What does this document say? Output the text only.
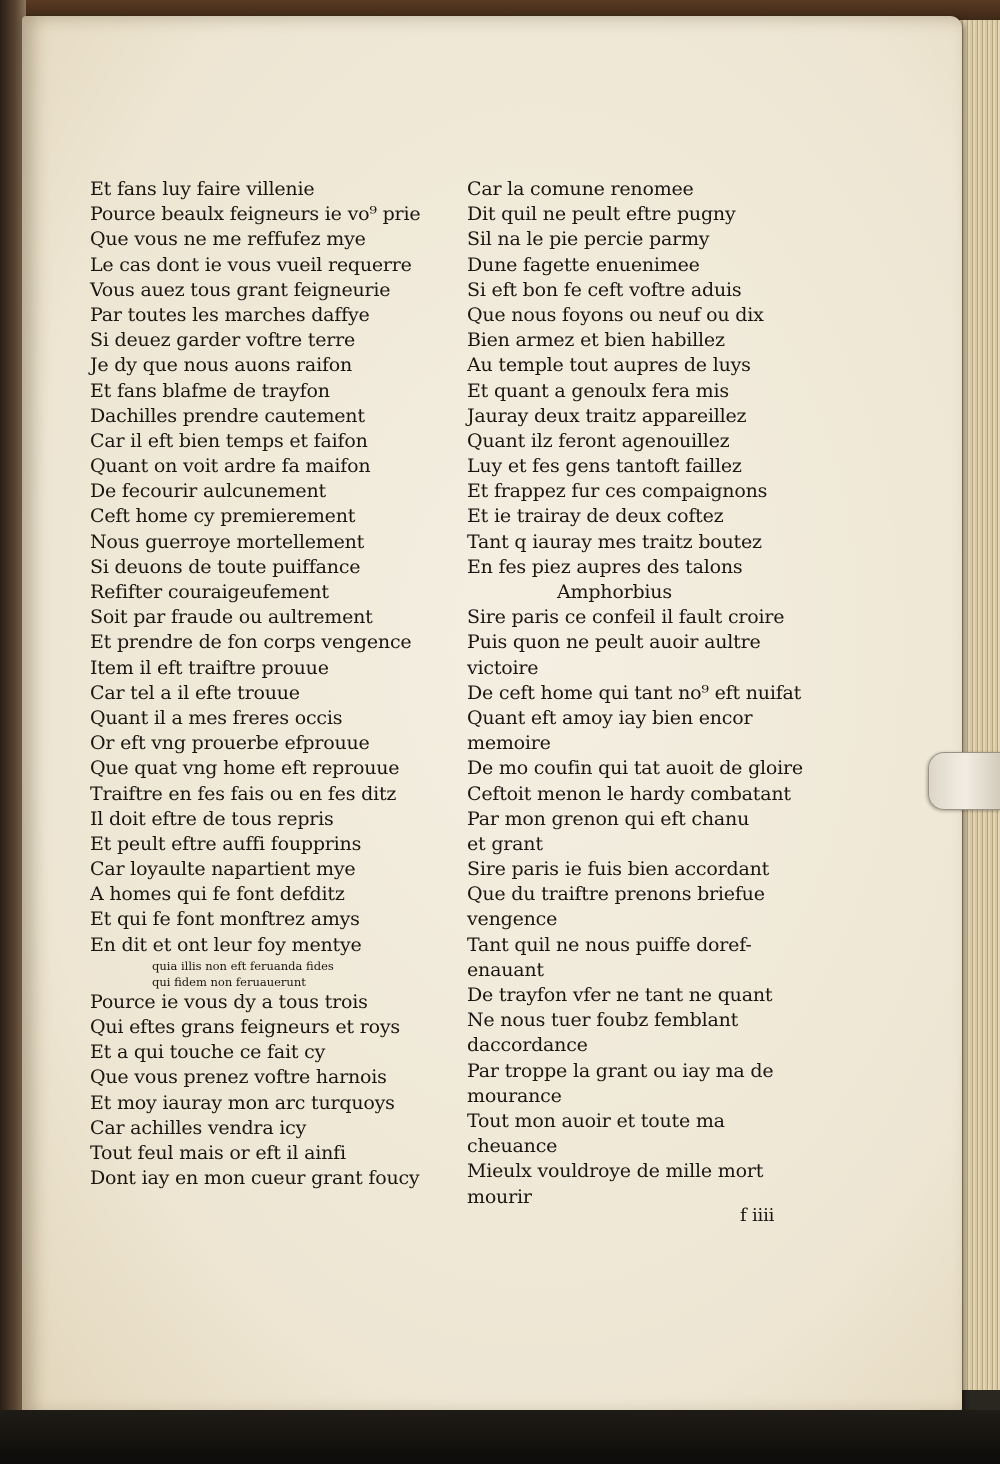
Et fans luy faire villenie
Pource beaulx feigneurs ie vo⁹ prie
Que vous ne me reffufez mye
Le cas dont ie vous vueil requerre
Vous auez tous grant feigneurie
Par toutes les marches daffye
Si deuez garder voftre terre
Je dy que nous auons raifon
Et fans blafme de trayfon
Dachilles prendre cautement
Car il eft bien temps et faifon
Quant on voit ardre fa maifon
De fecourir aulcunement
Ceft home cy premierement
Nous guerroye mortellement
Si deuons de toute puiffance
Refifter couraigeufement
Soit par fraude ou aultrement
Et prendre de fon corps vengence
Item il eft traiftre prouue
Car tel a il efte trouue
Quant il a mes freres occis
Or eft vng prouerbe efprouue
Que quat vng home eft reprouue
Traiftre en fes fais ou en fes ditz
Il doit eftre de tous repris
Et peult eftre auffi foupprins
Car loyaulte napartient mye
A homes qui fe font defditz
Et qui fe font monftrez amys
En dit et ont leur foy mentye
quia illis non eft feruanda fides
qui fidem non feruauerunt
Pource ie vous dy a tous trois
Qui eftes grans feigneurs et roys
Et a qui touche ce fait cy
Que vous prenez voftre harnois
Et moy iauray mon arc turquoys
Car achilles vendra icy
Tout feul mais or eft il ainfi
Dont iay en mon cueur grant foucy
Car la comune renomee
Dit quil ne peult eftre pugny
Sil na le pie percie parmy
Dune fagette enuenimee
Si eft bon fe ceft voftre aduis
Que nous foyons ou neuf ou dix
Bien armez et bien habillez
Au temple tout aupres de luys
Et quant a genoulx fera mis
Jauray deux traitz appareillez
Quant ilz feront agenouillez
Luy et fes gens tantoft faillez
Et frappez fur ces compaignons
Et ie trairay de deux coftez
Tant q iauray mes traitz boutez
En fes piez aupres des talons
Amphorbius
Sire paris ce confeil il fault croire
Puis quon ne peult auoir aultre
victoire
De ceft home qui tant no⁹ eft nuifat
Quant eft amoy iay bien encor
memoire
De mo coufin qui tat auoit de gloire
Ceftoit menon le hardy combatant
Par mon grenon qui eft chanu
et grant
Sire paris ie fuis bien accordant
Que du traiftre prenons briefue
vengence
Tant quil ne nous puiffe doref-
enauant
De trayfon vfer ne tant ne quant
Ne nous tuer foubz femblant
daccordance
Par troppe la grant ou iay ma de
mourance
Tout mon auoir et toute ma
cheuance
Mieulx vouldroye de mille mort
mourir
f iiii
